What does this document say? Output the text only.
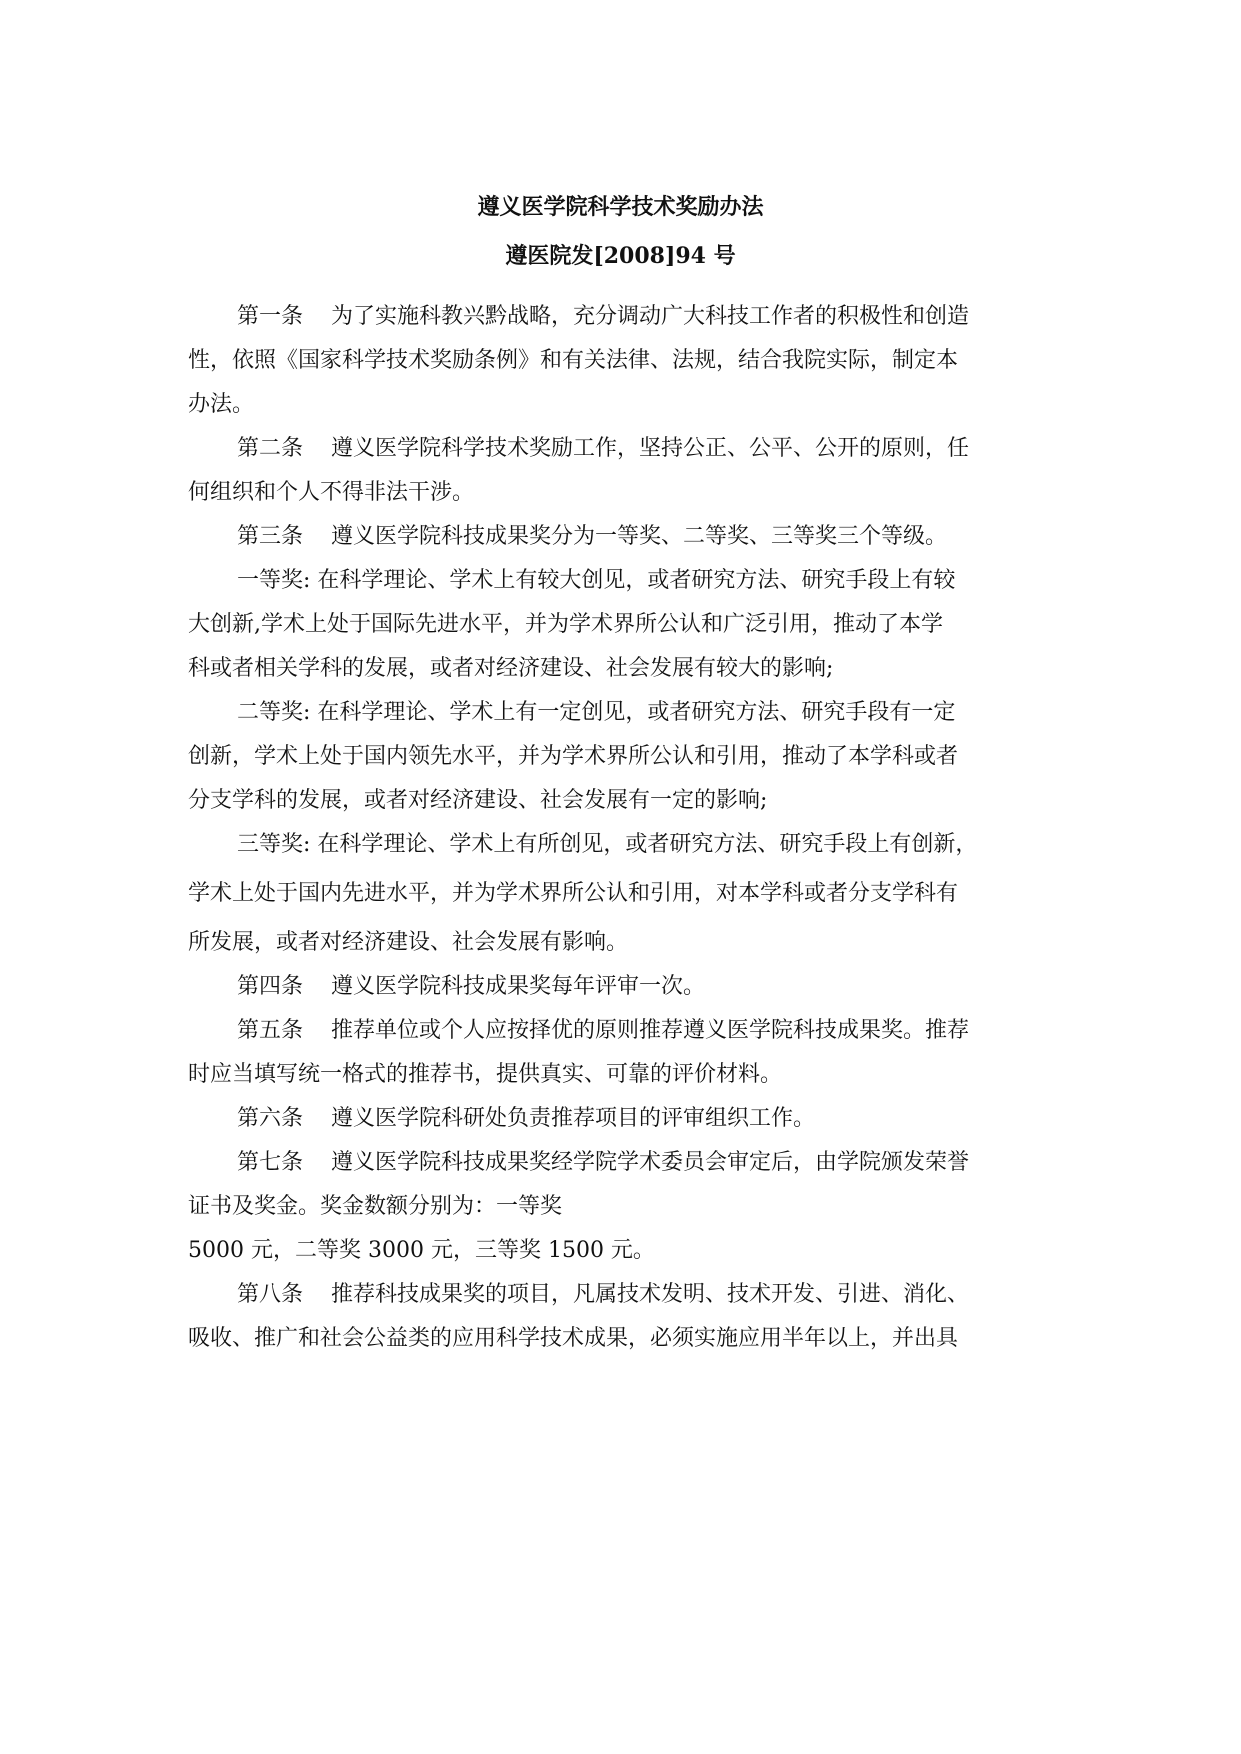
遵义医学院科学技术奖励办法
遵医院发[2008]94 号

第一条 为了实施科教兴黔战略，充分调动广大科技工作者的积极性和创造

性，依照《国家科学技术奖励条例》和有关法律、法规，结合我院实际，制定本

办法。

第二条 遵义医学院科学技术奖励工作，坚持公正、公平、公开的原则，任

何组织和个人不得非法干涉。

第三条 遵义医学院科技成果奖分为一等奖、二等奖、三等奖三个等级。

一等奖: 在科学理论、学术上有较大创见，或者研究方法、研究手段上有较

大创新,学术上处于国际先进水平，并为学术界所公认和广泛引用，推动了本学

科或者相关学科的发展，或者对经济建设、社会发展有较大的影响;

二等奖: 在科学理论、学术上有一定创见，或者研究方法、研究手段有一定

创新，学术上处于国内领先水平，并为学术界所公认和引用，推动了本学科或者

分支学科的发展，或者对经济建设、社会发展有一定的影响;

三等奖: 在科学理论、学术上有所创见，或者研究方法、研究手段上有创新，

学术上处于国内先进水平，并为学术界所公认和引用，对本学科或者分支学科有

所发展，或者对经济建设、社会发展有影响。

第四条 遵义医学院科技成果奖每年评审一次。

第五条 推荐单位或个人应按择优的原则推荐遵义医学院科技成果奖。推荐

时应当填写统一格式的推荐书，提供真实、可靠的评价材料。

第六条 遵义医学院科研处负责推荐项目的评审组织工作。

第七条 遵义医学院科技成果奖经学院学术委员会审定后，由学院颁发荣誉

证书及奖金。奖金数额分别为：一等奖

5000 元，二等奖 3000 元，三等奖 1500 元。

第八条 推荐科技成果奖的项目，凡属技术发明、技术开发、引进、消化、

吸收、推广和社会公益类的应用科学技术成果，必须实施应用半年以上，并出具
